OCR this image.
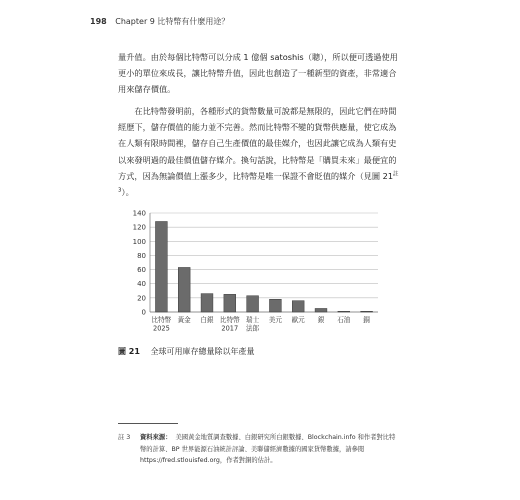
198 Chapter 9 比特幣有什麼用途？

量升值。由於每個比特幣可以分成 1 億個 satoshis（聰），所以便可透過使用更小的單位來成長，讓比特幣升值，因此也創造了一種新型的資產，非常適合用來儲存價值。

在比特幣發明前，各種形式的貨幣數量可說都是無限的，因此它們在時間經歷下，儲存價值的能力並不完善。然而比特幣不變的貨幣供應量，使它成為在人類有限時間裡，儲存自己生產價值的最佳媒介，也因此讓它成為人類有史以來發明過的最佳價值儲存媒介。換句話說，比特幣是「購買未來」最便宜的方式，因為無論價值上漲多少，比特幣是唯一保證不會貶值的媒介（見圖 $21^{註 3}$）。

0
20
40
60
80
100
120
140
比特幣
2025
黃金 白銀 比特幣
2017
瑞士
法郎
美元 歐元 銀 石油 銅
圖 21 全球可用庫存總量除以年產量
註 3 資料來源： 美國黃金地質調查數據、白銀研究所白銀數據、Blockchain.info 和作者對比特幣的計算、BP 世界能源石油統計評論、美聯儲經濟數據的國家貨幣數據，請參閱 https://fred.stlouisfed.org，作者對銅的估計。
